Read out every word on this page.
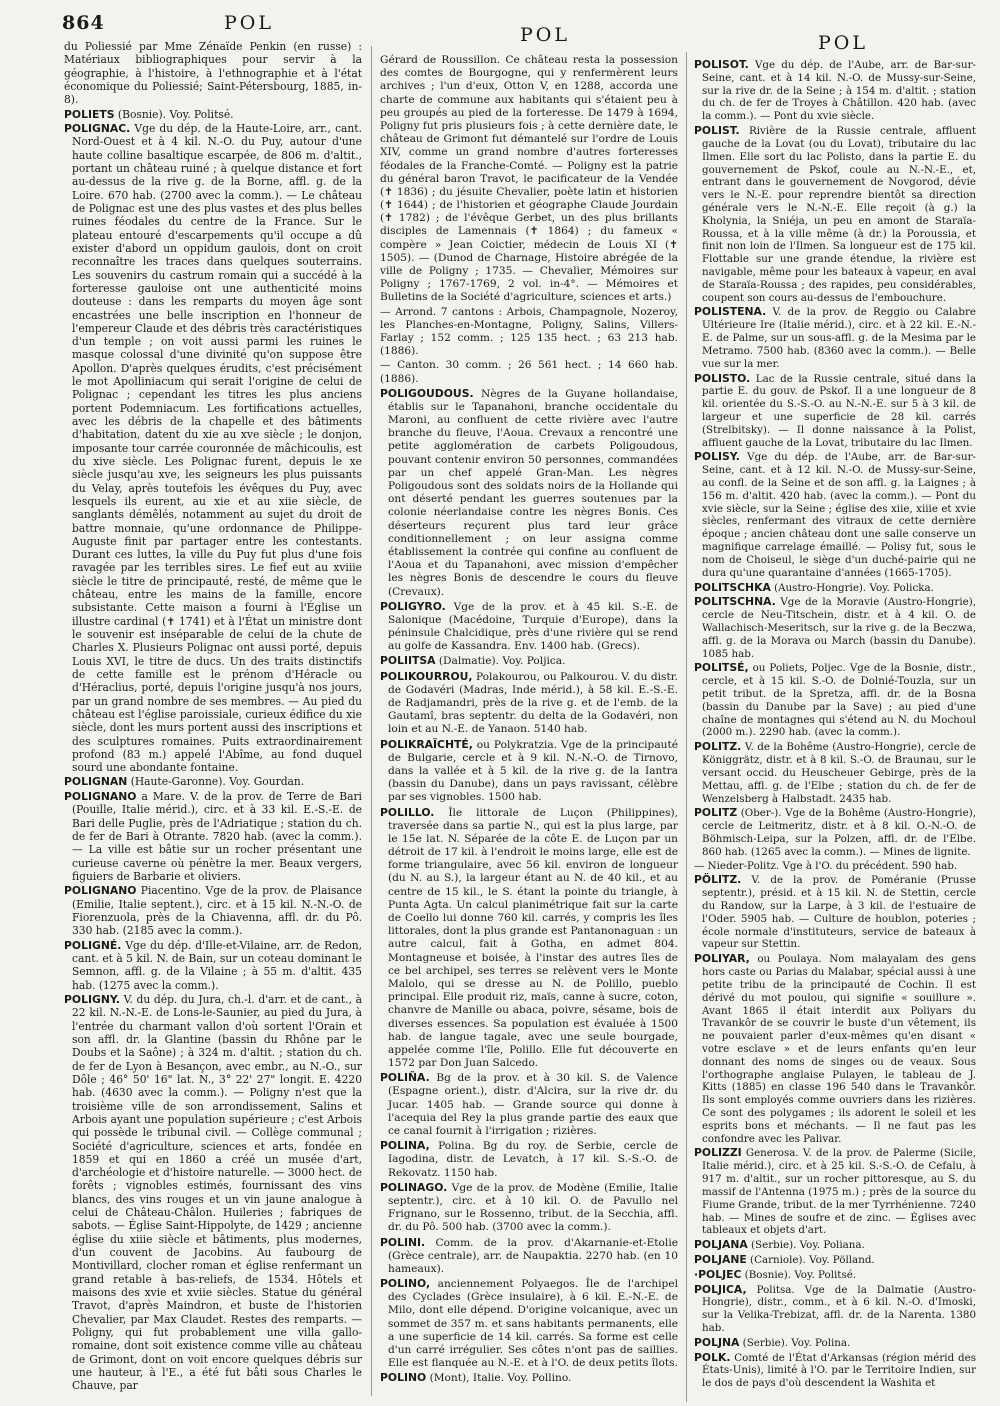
864	POL
POL	POL

du Poliessié par Mme Zénaïde Penkin (en russe) : Matériaux bibliographiques pour servir à la géographie, à l'histoire, à l'ethnographie et à l'état économique du Poliessié; Saint-Pétersbourg, 1885, in-8).

POLIETS (Bosnie). Voy. Politsé.

POLIGNAC. Vge du dép. de la Haute-Loire, arr., cant. Nord-Ouest et à 4 kil. N.-O. du Puy, autour d'une haute colline basaltique escarpée, de 806 m. d'altit., portant un château ruiné ; à quelque distance et fort au-dessus de la rive g. de la Borne, affl. g. de la Loire. 670 hab. (2700 avec la comm.). — Le château de Polignac est une des plus vastes et des plus belles ruines féodales du centre de la France. Sur le plateau entouré d'escarpements qu'il occupe a dû exister d'abord un oppidum gaulois, dont on croit reconnaître les traces dans quelques souterrains. Les souvenirs du castrum romain qui a succédé à la forteresse gauloise ont une authenticité moins douteuse : dans les remparts du moyen âge sont encastrées une belle inscription en l'honneur de l'empereur Claude et des débris très caractéristiques d'un temple ; on voit aussi parmi les ruines le masque colossal d'une divinité qu'on suppose être Apollon. D'après quelques érudits, c'est précisément le mot Apolliniacum qui serait l'origine de celui de Polignac ; cependant les titres les plus anciens portent Podemniacum. Les fortifications actuelles, avec les débris de la chapelle et des bâtiments d'habitation, datent du xie au xve siècle ; le donjon, imposante tour carrée couronnée de mâchicoulis, est du xive siècle. Les Polignac furent, depuis le xe siècle jusqu'au xve, les seigneurs les plus puissants du Velay, après toutefois les évêques du Puy, avec lesquels ils eurent, au xie et au xiie siècle, de sanglants démêlés, notamment au sujet du droit de battre monnaie, qu'une ordonnance de Philippe-Auguste finit par partager entre les contestants. Durant ces luttes, la ville du Puy fut plus d'une fois ravagée par les terribles sires. Le fief eut au xviiie siècle le titre de principauté, resté, de même que le château, entre les mains de la famille, encore subsistante. Cette maison a fourni à l'Église un illustre cardinal (✝ 1741) et à l'État un ministre dont le souvenir est inséparable de celui de la chute de Charles X. Plusieurs Polignac ont aussi porté, depuis Louis XVI, le titre de ducs. Un des traits distinctifs de cette famille est le prénom d'Héracle ou d'Héraclius, porté, depuis l'origine jusqu'à nos jours, par un grand nombre de ses membres. — Au pied du château est l'église paroissiale, curieux édifice du xie siècle, dont les murs portent aussi des inscriptions et des sculptures romaines. Puits extraordinairement profond (83 m.) appelé l'Abîme, au fond duquel sourd une abondante fontaine.

POLIGNAN (Haute-Garonne). Voy. Gourdan.

POLIGNANO a Mare. V. de la prov. de Terre de Bari (Pouille, Italie mérid.), circ. et à 33 kil. E.-S.-E. de Bari delle Puglie, près de l'Adriatique ; station du ch. de fer de Bari à Otrante. 7820 hab. (avec la comm.). — La ville est bâtie sur un rocher présentant une curieuse caverne où pénètre la mer. Beaux vergers, figuiers de Barbarie et oliviers.

POLIGNANO Piacentino. Vge de la prov. de Plaisance (Emilie, Italie septent.), circ. et à 15 kil. N.-N.-O. de Fiorenzuola, près de la Chiavenna, affl. dr. du Pô. 330 hab. (2185 avec la comm.).

POLIGNÉ. Vge du dép. d'Ille-et-Vilaine, arr. de Redon, cant. et à 5 kil. N. de Bain, sur un coteau dominant le Semnon, affl. g. de la Vilaine ; à 55 m. d'altit. 435 hab. (1275 avec la comm.).

POLIGNY. V. du dép. du Jura, ch.-l. d'arr. et de cant., à 22 kil. N.-N.-E. de Lons-le-Saunier, au pied du Jura, à l'entrée du charmant vallon d'où sortent l'Orain et son affl. dr. la Glantine (bassin du Rhône par le Doubs et la Saône) ; à 324 m. d'altit. ; station du ch. de fer de Lyon à Besançon, avec embr., au N.-O., sur Dôle ; 46° 50' 16" lat. N., 3° 22' 27" longit. E. 4220 hab. (4630 avec la comm.). — Poligny n'est que la troisième ville de son arrondissement, Salins et Arbois ayant une population supérieure ; c'est Arbois qui possède le tribunal civil. — Collège communal ; Société d'agriculture, sciences et arts, fondée en 1859 et qui en 1860 a créé un musée d'art, d'archéologie et d'histoire naturelle. — 3000 hect. de forêts ; vignobles estimés, fournissant des vins blancs, des vins rouges et un vin jaune analogue à celui de Château-Châlon. Huileries ; fabriques de sabots. — Église Saint-Hippolyte, de 1429 ; ancienne église du xiiie siècle et bâtiments, plus modernes, d'un couvent de Jacobins. Au faubourg de Montivillard, clocher roman et église renfermant un grand retable à bas-reliefs, de 1534. Hôtels et maisons des xvie et xviie siècles. Statue du général Travot, d'après Maindron, et buste de l'historien Chevalier, par Max Claudet. Restes des remparts. — Poligny, qui fut probablement une villa gallo-romaine, dont soit existence comme ville au château de Grimont, dont on voit encore quelques débris sur une hauteur, à l'E., a été fut bâti sous Charles le Chauve, par

Gérard de Roussillon. Ce château resta la possession des comtes de Bourgogne, qui y renfermèrent leurs archives ; l'un d'eux, Otton V, en 1288, accorda une charte de commune aux habitants qui s'étaient peu à peu groupés au pied de la forteresse. De 1479 à 1694, Poligny fut pris plusieurs fois ; à cette dernière date, le château de Grimont fut démantelé sur l'ordre de Louis XIV, comme un grand nombre d'autres forteresses féodales de la Franche-Comté. — Poligny est la patrie du général baron Travot, le pacificateur de la Vendée (✝ 1836) ; du jésuite Chevalier, poète latin et historien (✝ 1644) ; de l'historien et géographe Claude Jourdain (✝ 1782) ; de l'évêque Gerbet, un des plus brillants disciples de Lamennais (✝ 1864) ; du fameux « compère » Jean Coictier, médecin de Louis XI (✝ 1505). — (Dunod de Charnage, Histoire abrégée de la ville de Poligny ; 1735. — Chevalier, Mémoires sur Poligny ; 1767-1769, 2 vol. in-4°. — Mémoires et Bulletins de la Société d'agriculture, sciences et arts.)

— Arrond. 7 cantons : Arbois, Champagnole, Nozeroy, les Planches-en-Montagne, Poligny, Salins, Villers-Farlay ; 152 comm. ; 125 135 hect. ; 63 213 hab. (1886).

— Canton. 30 comm. ; 26 561 hect. ; 14 660 hab. (1886).

POLIGOUDOUS. Nègres de la Guyane hollandaise, établis sur le Tapanahoni, branche occidentale du Maroni, au confluent de cette rivière avec l'autre branche du fleuve, l'Aoua. Crevaux a rencontré une petite agglomération de carbets Poligoudous, pouvant contenir environ 50 personnes, commandées par un chef appelé Gran-Man. Les nègres Poligoudous sont des soldats noirs de la Hollande qui ont déserté pendant les guerres soutenues par la colonie néerlandaise contre les nègres Bonis. Ces déserteurs reçurent plus tard leur grâce conditionnellement ; on leur assigna comme établissement la contrée qui confine au confluent de l'Aoua et du Tapanahoni, avec mission d'empêcher les nègres Bonis de descendre le cours du fleuve (Crevaux).

POLIGYRO. Vge de la prov. et à 45 kil. S.-E. de Salonique (Macédoine, Turquie d'Europe), dans la péninsule Chalcidique, près d'une rivière qui se rend au golfe de Kassandra. Env. 1400 hab. (Grecs).

POLIITSA (Dalmatie). Voy. Poljica.

POLIKOURROU, Polakourou, ou Palkourou. V. du distr. de Godavéri (Madras, Inde mérid.), à 58 kil. E.-S.-E. de Radjamandri, près de la rive g. et de l'emb. de la Gautamî, bras septentr. du delta de la Godavéri, non loin et au N.-E. de Yanaon. 5140 hab.

POLIKRAÏCHTÉ, ou Polykratzia. Vge de la principauté de Bulgarie, cercle et à 9 kil. N.-N.-O. de Tirnovo, dans la vallée et à 5 kil. de la rive g. de la Iantra (bassin du Danube), dans un pays ravissant, célèbre par ses vignobles. 1500 hab.

POLILLO. Île littorale de Luçon (Philippines), traversée dans sa partie N., qui est la plus large, par le 15e lat. N. Séparée de la côte E. de Luçon par un détroit de 17 kil. à l'endroit le moins large, elle est de forme triangulaire, avec 56 kil. environ de longueur (du N. au S.), la largeur étant au N. de 40 kil., et au centre de 15 kil., le S. étant la pointe du triangle, à Punta Agta. Un calcul planimétrique fait sur la carte de Coello lui donne 760 kil. carrés, y compris les îles littorales, dont la plus grande est Pantanonaguan : un autre calcul, fait à Gotha, en admet 804. Montagneuse et boisée, à l'instar des autres îles de ce bel archipel, ses terres se relèvent vers le Monte Malolo, qui se dresse au N. de Polillo, pueblo principal. Elle produit riz, maïs, canne à sucre, coton, chanvre de Manille ou abaca, poivre, sésame, bois de diverses essences. Sa population est évaluée à 1500 hab. de langue tagale, avec une seule bourgade, appelée comme l'île, Polillo. Elle fut découverte en 1572 par Don Juan Salcedo.

POLIÑA. Bg de la prov. et à 30 kil. S. de Valence (Espagne orient.), distr. d'Alcira, sur la rive dr. du Jucar. 1405 hab. — Grande source qui donne à l'acequia del Rey la plus grande partie des eaux que ce canal fournit à l'irrigation ; rizières.

POLINA, Polina. Bg du roy. de Serbie, cercle de Iagodina, distr. de Levatch, à 17 kil. S.-S.-O. de Rekovatz. 1150 hab.

POLINAGO. Vge de la prov. de Modène (Emilie, Italie septentr.), circ. et à 10 kil. O. de Pavullo nel Frignano, sur le Rossenno, tribut. de la Secchia, affl. dr. du Pô. 500 hab. (3700 avec la comm.).

POLINI. Comm. de la prov. d'Akarnanie-et-Etolie (Grèce centrale), arr. de Naupaktia. 2270 hab. (en 10 hameaux).

POLINO, anciennement Polyaegos. Île de l'archipel des Cyclades (Grèce insulaire), à 6 kil. E.-N.-E. de Milo, dont elle dépend. D'origine volcanique, avec un sommet de 357 m. et sans habitants permanents, elle a une superficie de 14 kil. carrés. Sa forme est celle d'un carré irrégulier. Ses côtes n'ont pas de saillies. Elle est flanquée au N.-E. et à l'O. de deux petits îlots.

POLINO (Mont), Italie. Voy. Pollino.

POLISOT. Vge du dép. de l'Aube, arr. de Bar-sur-Seine, cant. et à 14 kil. N.-O. de Mussy-sur-Seine, sur la rive dr. de la Seine ; à 154 m. d'altit. ; station du ch. de fer de Troyes à Châtillon. 420 hab. (avec la comm.). — Pont du xvie siècle.

POLIST. Rivière de la Russie centrale, affluent gauche de la Lovat (ou du Lovat), tributaire du lac Ilmen. Elle sort du lac Polisto, dans la partie E. du gouvernement de Pskof, coule au N.-N.-E., et, entrant dans le gouvernement de Novgorod, dévie vers le N.-E. pour reprendre bientôt sa direction générale vers le N.-N.-E. Elle reçoit (à g.) la Kholynia, la Sniéja, un peu en amont de Staraïa-Roussa, et à la ville même (à dr.) la Poroussia, et finit non loin de l'Ilmen. Sa longueur est de 175 kil. Flottable sur une grande étendue, la rivière est navigable, même pour les bateaux à vapeur, en aval de Staraïa-Roussa ; des rapides, peu considérables, coupent son cours au-dessus de l'embouchure.

POLISTENA. V. de la prov. de Reggio ou Calabre Ultérieure Ire (Italie mérid.), circ. et à 22 kil. E.-N.-E. de Palme, sur un sous-affl. g. de la Mesima par le Metramo. 7500 hab. (8360 avec la comm.). — Belle vue sur la mer.

POLISTO. Lac de la Russie centrale, situé dans la partie E. du gouv. de Pskof. Il a une longueur de 8 kil. orientée du S.-S.-O. au N.-N.-E. sur 5 à 3 kil. de largeur et une superficie de 28 kil. carrés (Strelbitsky). — Il donne naissance à la Polist, affluent gauche de la Lovat, tributaire du lac Ilmen.

POLISY. Vge du dép. de l'Aube, arr. de Bar-sur-Seine, cant. et à 12 kil. N.-O. de Mussy-sur-Seine, au confl. de la Seine et de son affl. g. la Laignes ; à 156 m. d'altit. 420 hab. (avec la comm.). — Pont du xvie siècle, sur la Seine ; église des xiie, xiiie et xvie siècles, renfermant des vitraux de cette dernière époque ; ancien château dont une salle conserve un magnifique carrelage émaillé. — Polisy fut, sous le nom de Choiseul, le siège d'un duché-pairie qui ne dura qu'une quarantaine d'années (1665-1705).

POLITSCHKA (Austro-Hongrie). Voy. Policka.

POLITSCHNA. Vge de la Moravie (Austro-Hongrie), cercle de Neu-Titschein, distr. et à 4 kil. O. de Wallachisch-Meseritsch, sur la rive g. de la Beczwa, affl. g. de la Morava ou March (bassin du Danube). 1085 hab.

POLITSÉ, ou Poliets, Poljec. Vge de la Bosnie, distr., cercle, et à 15 kil. S.-O. de Dolnié-Touzla, sur un petit tribut. de la Spretza, affl. dr. de la Bosna (bassin du Danube par la Save) ; au pied d'une chaîne de montagnes qui s'étend au N. du Mochoul (2000 m.). 2290 hab. (avec la comm.).

POLITZ. V. de la Bohême (Austro-Hongrie), cercle de Königgrätz, distr. et à 8 kil. S.-O. de Braunau, sur le versant occid. du Heuscheuer Gebirge, près de la Mettau, affl. g. de l'Elbe ; station du ch. de fer de Wenzelsberg à Halbstadt. 2435 hab.

POLITZ (Ober-). Vge de la Bohême (Austro-Hongrie), cercle de Leitmeritz, distr. et à 8 kil. O.-N.-O. de Böhmisch-Leipa, sur la Polzen, affl. dr. de l'Elbe. 860 hab. (1265 avec la comm.). — Mines de lignite.

— Nieder-Politz. Vge à l'O. du précédent. 590 hab.

PÖLITZ. V. de la prov. de Poméranie (Prusse septentr.), présid. et à 15 kil. N. de Stettin, cercle du Randow, sur la Larpe, à 3 kil. de l'estuaire de l'Oder. 5905 hab. — Culture de houblon, poteries ; école normale d'instituteurs, service de bateaux à vapeur sur Stettin.

POLIYAR, ou Poulaya. Nom malayalam des gens hors caste ou Parias du Malabar, spécial aussi à une petite tribu de la principauté de Cochin. Il est dérivé du mot poulou, qui signifie « souillure ». Avant 1865 il était interdit aux Poliyars du Travankôr de se couvrir le buste d'un vêtement, ils ne pouvaient parler d'eux-mêmes qu'en disant « votre esclave » et de leurs enfants qu'en leur donnant des noms de singes ou de veaux. Sous l'orthographe anglaise Pulayen, le tableau de J. Kitts (1885) en classe 196 540 dans le Travankôr. Ils sont employés comme ouvriers dans les rizières. Ce sont des polygames ; ils adorent le soleil et les esprits bons et méchants. — Il ne faut pas les confondre avec les Palivar.

POLIZZI Generosa. V. de la prov. de Palerme (Sicile, Italie mérid.), circ. et à 25 kil. S.-S.-O. de Cefalu, à 917 m. d'altit., sur un rocher pittoresque, au S. du massif de l'Antenna (1975 m.) ; près de la source du Fiume Grande, tribut. de la mer Tyrrhénienne. 7240 hab. — Mines de soufre et de zinc. — Églises avec tableaux et objets d'art.

POLJANA (Serbie). Voy. Poliana.

POLJANE (Carniole). Voy. Pölland.

·POLJEC (Bosnie). Voy. Politsé.

POLJICA, Politsa. Vge de la Dalmatie (Austro-Hongrie), distr., comm., et à 6 kil. N.-O. d'Imoski, sur la Velika-Trebizat, affl. dr. de la Narenta. 1380 hab.

POLJNA (Serbie). Voy. Polina.

POLK. Comté de l'État d'Arkansas (région mérid des États-Unis), limité à l'O. par le Territoire Indien, sur le dos de pays d'où descendent la Washita et
